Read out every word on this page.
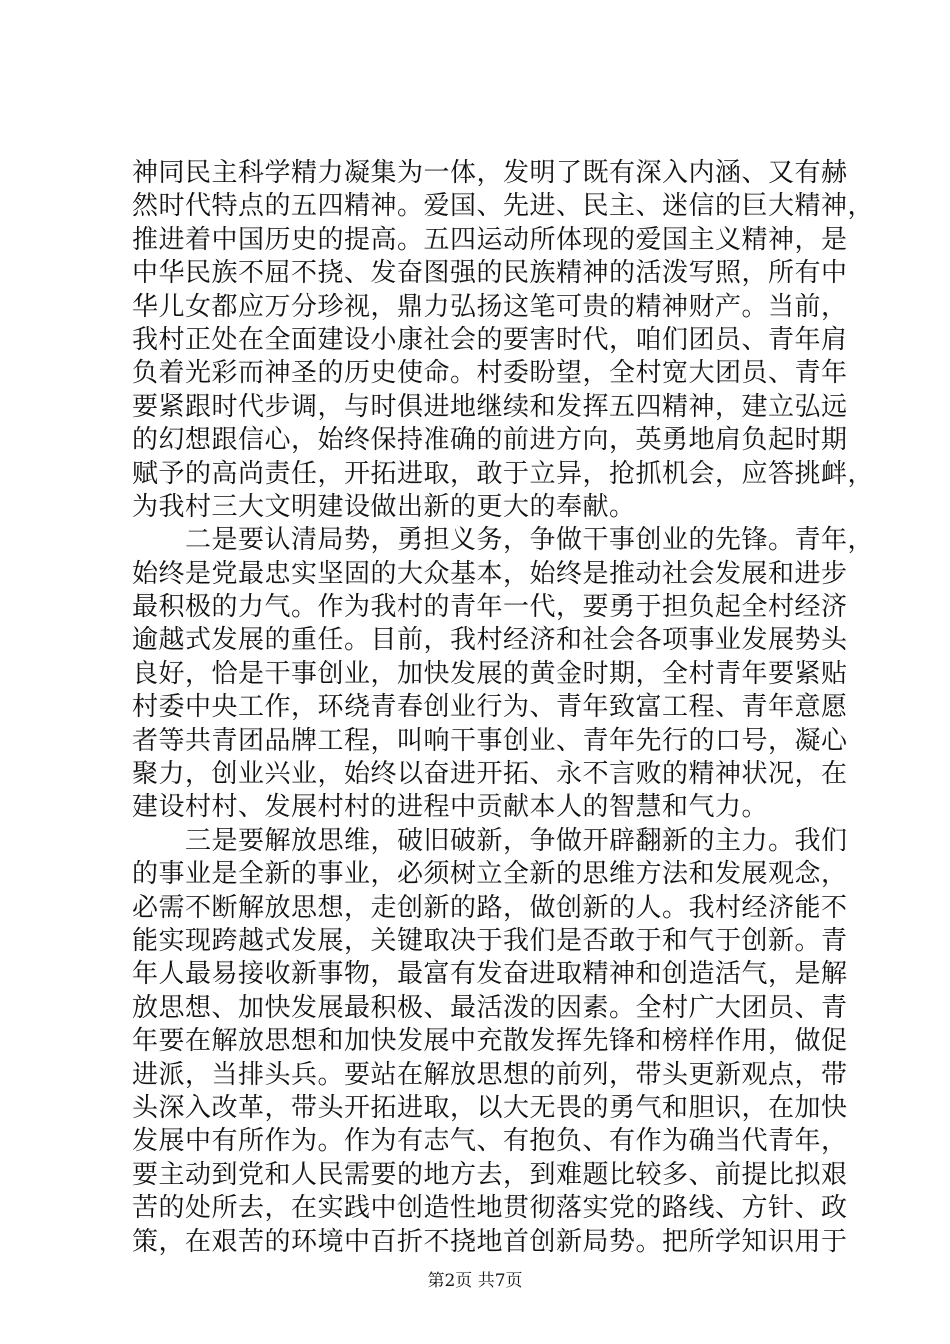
神同民主科学精力凝集为一体，发明了既有深入内涵、又有赫
然时代特点的五四精神。爱国、先进、民主、迷信的巨大精神，
推进着中国历史的提高。五四运动所体现的爱国主义精神，是
中华民族不屈不挠、发奋图强的民族精神的活泼写照，所有中
华儿女都应万分珍视，鼎力弘扬这笔可贵的精神财产。当前，
我村正处在全面建设小康社会的要害时代，咱们团员、青年肩
负着光彩而神圣的历史使命。村委盼望，全村宽大团员、青年
要紧跟时代步调，与时俱进地继续和发挥五四精神，建立弘远
的幻想跟信心，始终保持准确的前进方向，英勇地肩负起时期
赋予的高尚责任，开拓进取，敢于立异，抢抓机会，应答挑衅，
为我村三大文明建设做出新的更大的奉献。
　　二是要认清局势，勇担义务，争做干事创业的先锋。青年，
始终是党最忠实坚固的大众基本，始终是推动社会发展和进步
最积极的力气。作为我村的青年一代，要勇于担负起全村经济
逾越式发展的重任。目前，我村经济和社会各项事业发展势头
良好，恰是干事创业，加快发展的黄金时期，全村青年要紧贴
村委中央工作，环绕青春创业行为、青年致富工程、青年意愿
者等共青团品牌工程，叫响干事创业、青年先行的口号，凝心
聚力，创业兴业，始终以奋进开拓、永不言败的精神状况，在
建设村村、发展村村的进程中贡献本人的智慧和气力。
　　三是要解放思维，破旧破新，争做开辟翻新的主力。我们
的事业是全新的事业，必须树立全新的思维方法和发展观念，
必需不断解放思想，走创新的路，做创新的人。我村经济能不
能实现跨越式发展，关键取决于我们是否敢于和气于创新。青
年人最易接收新事物，最富有发奋进取精神和创造活气，是解
放思想、加快发展最积极、最活泼的因素。全村广大团员、青
年要在解放思想和加快发展中充散发挥先锋和榜样作用，做促
进派，当排头兵。要站在解放思想的前列，带头更新观点，带
头深入改革，带头开拓进取，以大无畏的勇气和胆识，在加快
发展中有所作为。作为有志气、有抱负、有作为确当代青年，
要主动到党和人民需要的地方去，到难题比较多、前提比拟艰
苦的处所去，在实践中创造性地贯彻落实党的路线、方针、政
策，在艰苦的环境中百折不挠地首创新局势。把所学知识用于
第2页 共7页
